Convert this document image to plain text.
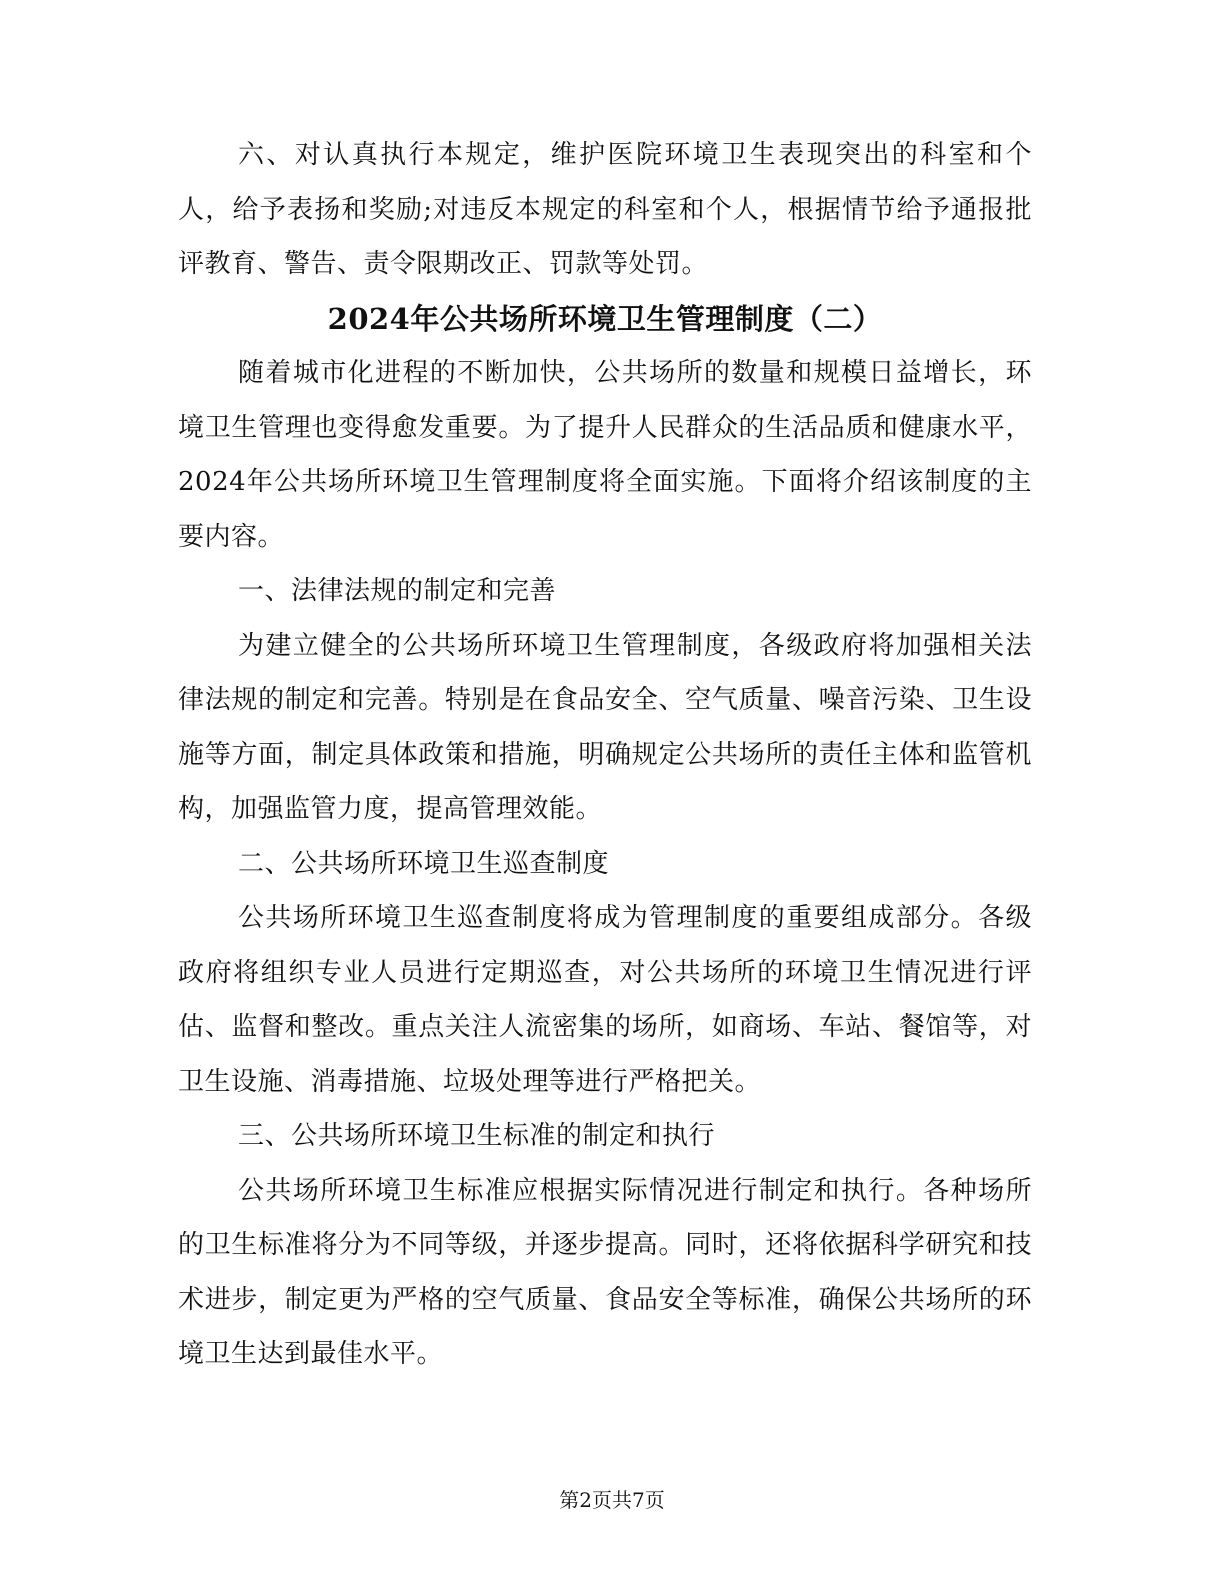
六、对认真执行本规定，维护医院环境卫生表现突出的科室和个人，给予表扬和奖励;对违反本规定的科室和个人，根据情节给予通报批评教育、警告、责令限期改正、罚款等处罚。

2024年公共场所环境卫生管理制度（二）

随着城市化进程的不断加快，公共场所的数量和规模日益增长，环境卫生管理也变得愈发重要。为了提升人民群众的生活品质和健康水平，2024年公共场所环境卫生管理制度将全面实施。下面将介绍该制度的主要内容。

一、法律法规的制定和完善

为建立健全的公共场所环境卫生管理制度，各级政府将加强相关法律法规的制定和完善。特别是在食品安全、空气质量、噪音污染、卫生设施等方面，制定具体政策和措施，明确规定公共场所的责任主体和监管机构，加强监管力度，提高管理效能。

二、公共场所环境卫生巡查制度

公共场所环境卫生巡查制度将成为管理制度的重要组成部分。各级政府将组织专业人员进行定期巡查，对公共场所的环境卫生情况进行评估、监督和整改。重点关注人流密集的场所，如商场、车站、餐馆等，对卫生设施、消毒措施、垃圾处理等进行严格把关。

三、公共场所环境卫生标准的制定和执行

公共场所环境卫生标准应根据实际情况进行制定和执行。各种场所的卫生标准将分为不同等级，并逐步提高。同时，还将依据科学研究和技术进步，制定更为严格的空气质量、食品安全等标准，确保公共场所的环境卫生达到最佳水平。

第2页共7页
